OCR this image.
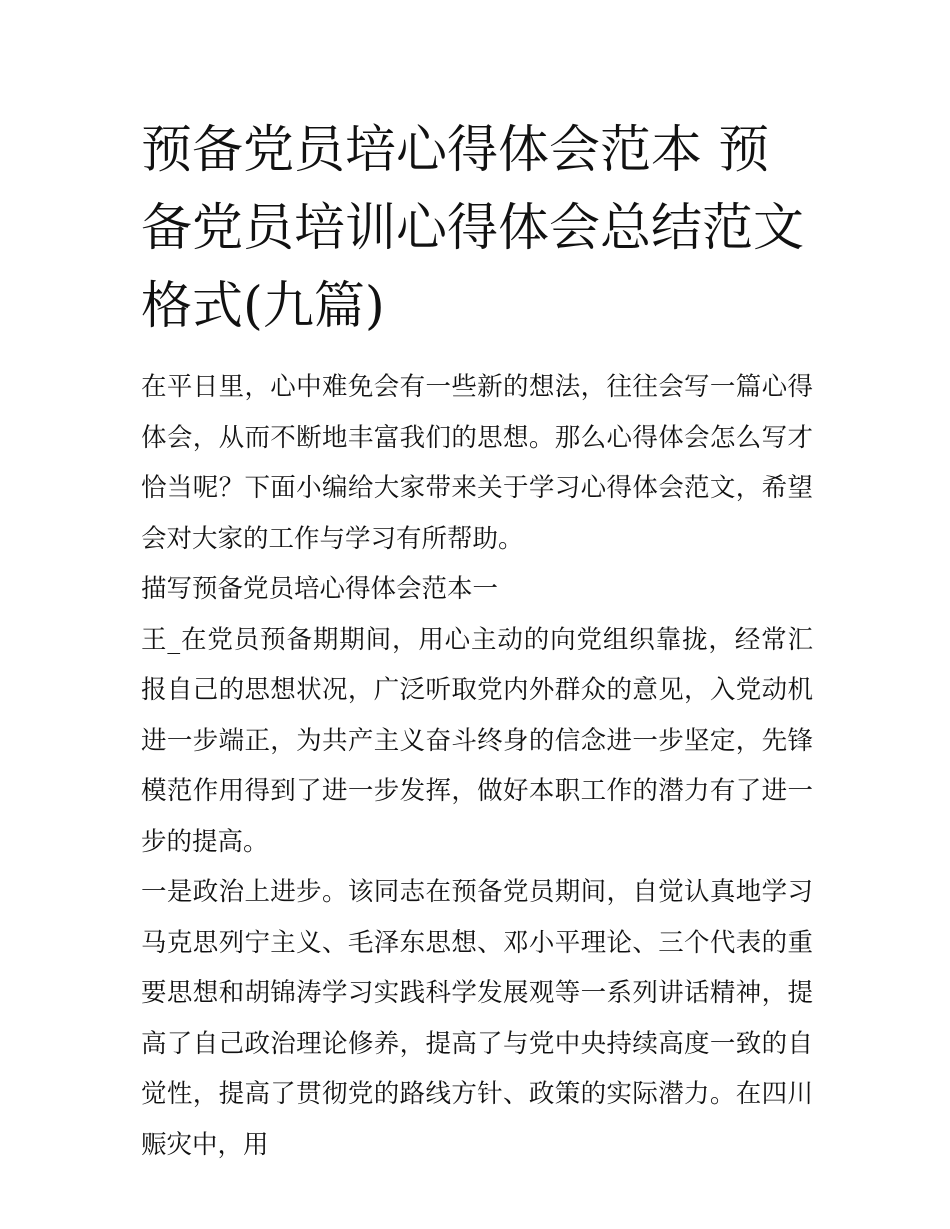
预备党员培心得体会范本 预备党员培训心得体会总结范文格式(九篇)

在平日里，心中难免会有一些新的想法，往往会写一篇心得体会，从而不断地丰富我们的思想。那么心得体会怎么写才恰当呢？下面小编给大家带来关于学习心得体会范文，希望会对大家的工作与学习有所帮助。

描写预备党员培心得体会范本一

王_在党员预备期期间，用心主动的向党组织靠拢，经常汇报自己的思想状况，广泛听取党内外群众的意见，入党动机进一步端正，为共产主义奋斗终身的信念进一步坚定，先锋模范作用得到了进一步发挥，做好本职工作的潜力有了进一步的提高。

一是政治上进步。该同志在预备党员期间，自觉认真地学习马克思列宁主义、毛泽东思想、邓小平理论、三个代表的重要思想和胡锦涛学习实践科学发展观等一系列讲话精神，提高了自己政治理论修养，提高了与党中央持续高度一致的自觉性，提高了贯彻党的路线方针、政策的实际潜力。在四川赈灾中，用
